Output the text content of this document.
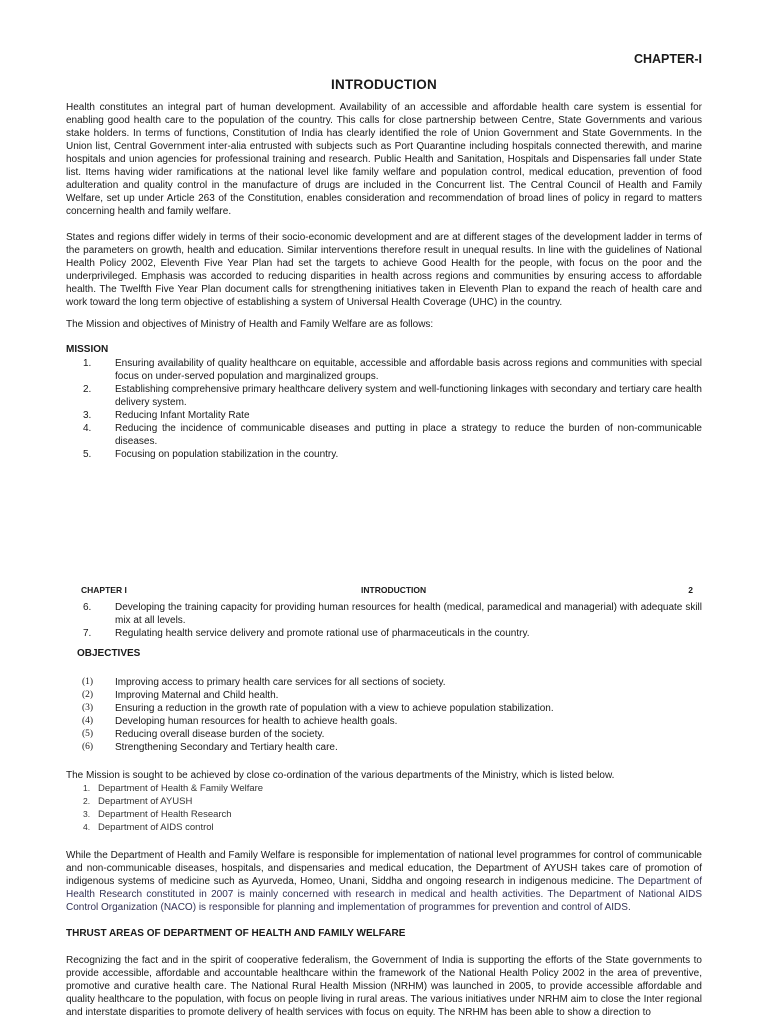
CHAPTER-I
INTRODUCTION

Health constitutes an integral part of human development. Availability of an accessible and affordable health care system is essential for enabling good health care to the population of the country. This calls for close partnership between Centre, State Governments and various stake holders. In terms of functions, Constitution of India has clearly identified the role of Union Government and State Governments. In the Union list, Central Government inter-alia entrusted with subjects such as Port Quarantine including hospitals connected therewith, and marine hospitals and union agencies for professional training and research. Public Health and Sanitation, Hospitals and Dispensaries fall under State list. Items having wider ramifications at the national level like family welfare and population control, medical education, prevention of food adulteration and quality control in the manufacture of drugs are included in the Concurrent list. The Central Council of Health and Family Welfare, set up under Article 263 of the Constitution, enables consideration and recommendation of broad lines of policy in regard to matters concerning health and family welfare.

States and regions differ widely in terms of their socio-economic development and are at different stages of the development ladder in terms of the parameters on growth, health and education. Similar interventions therefore result in unequal results. In line with the guidelines of National Health Policy 2002, Eleventh Five Year Plan had set the targets to achieve Good Health for the people, with focus on the poor and the underprivileged. Emphasis was accorded to reducing disparities in health across regions and communities by ensuring access to affordable health. The Twelfth Five Year Plan document calls for strengthening initiatives taken in Eleventh Plan to expand the reach of health care and work toward the long term objective of establishing a system of Universal Health Coverage (UHC) in the country.

The Mission and objectives of Ministry of Health and Family Welfare are as follows:

MISSION
1. Ensuring availability of quality healthcare on equitable, accessible and affordable basis across regions and communities with special focus on under-served population and marginalized groups.
2. Establishing comprehensive primary healthcare delivery system and well-functioning linkages with secondary and tertiary care health delivery system.
3. Reducing Infant Mortality Rate
4. Reducing the incidence of communicable diseases and putting in place a strategy to reduce the burden of non-communicable diseases.
5. Focusing on population stabilization in the country.
CHAPTER I	INTRODUCTION	2
6. Developing the training capacity for providing human resources for health (medical, paramedical and managerial) with adequate skill mix at all levels.
7. Regulating health service delivery and promote rational use of pharmaceuticals in the country.
OBJECTIVES
(1) Improving access to primary health care services for all sections of society.
(2) Improving Maternal and Child health.
(3) Ensuring a reduction in the growth rate of population with a view to achieve population stabilization.
(4) Developing human resources for health to achieve health goals.
(5) Reducing overall disease burden of the society.
(6) Strengthening Secondary and Tertiary health care.

The Mission is sought to be achieved by close co-ordination of the various departments of the Ministry, which is listed below.

1. Department of Health & Family Welfare
2. Department of AYUSH
3. Department of Health Research
4. Department of AIDS control

While the Department of Health and Family Welfare is responsible for implementation of national level programmes for control of communicable and non-communicable diseases, hospitals, and dispensaries and medical education, the Department of AYUSH takes care of promotion of indigenous systems of medicine such as Ayurveda, Homeo, Unani, Siddha and ongoing research in indigenous medicine. The Department of Health Research constituted in 2007 is mainly concerned with research in medical and health activities. The Department of National AIDS Control Organization (NACO) is responsible for planning and implementation of programmes for prevention and control of AIDS.

THRUST AREAS OF DEPARTMENT OF HEALTH AND FAMILY WELFARE

Recognizing the fact and in the spirit of cooperative federalism, the Government of India is supporting the efforts of the State governments to provide accessible, affordable and accountable healthcare within the framework of the National Health Policy 2002 in the area of preventive, promotive and curative health care. The National Rural Health Mission (NRHM) was launched in 2005, to provide accessible affordable and quality healthcare to the population, with focus on people living in rural areas. The various initiatives under NRHM aim to close the Inter regional and interstate disparities to promote delivery of health services with focus on equity. The NRHM has been able to show a direction to
